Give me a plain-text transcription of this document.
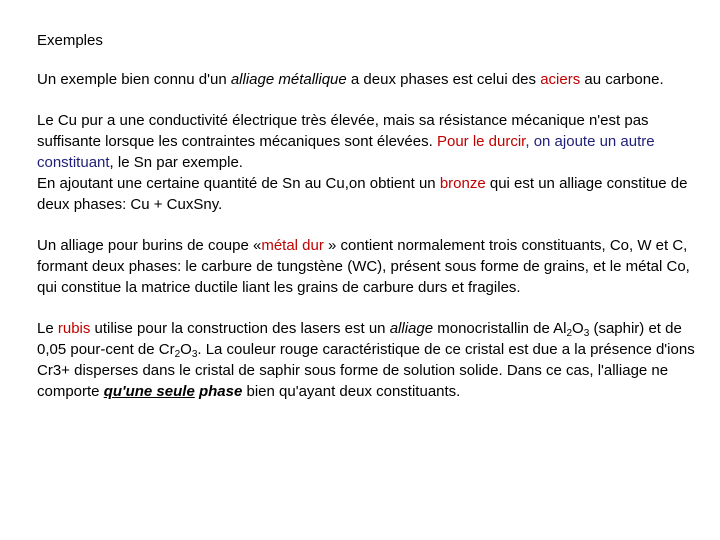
Exemples

Un exemple bien connu d'un alliage métallique a deux phases est celui des aciers au carbone.

Le Cu pur a une conductivité électrique très élevée, mais sa résistance mécanique n'est pas suffisante lorsque les contraintes mécaniques sont élevées. Pour le durcir, on ajoute un autre constituant, le Sn par exemple.

En ajoutant une certaine quantité de Sn au Cu,on obtient un bronze qui est un alliage constitue de deux phases: Cu + CuxSny.

Un alliage pour burins de coupe «métal dur » contient normalement trois constituants, Co, W et C, formant deux phases: le carbure de tungstène (WC), présent sous forme de grains, et le métal Co, qui constitue la matrice ductile liant les grains de carbure durs et fragiles.

Le rubis utilise pour la construction des lasers est un alliage monocristallin de $Al_2O_3$ (saphir) et de 0,05 pour-cent de $Cr_2O_3$. La couleur rouge caractéristique de ce cristal est due a la présence d'ions Cr3+ disperses dans le cristal de saphir sous forme de solution solide. Dans ce cas, l'alliage ne comporte qu'une seule phase bien qu'ayant deux constituants.
